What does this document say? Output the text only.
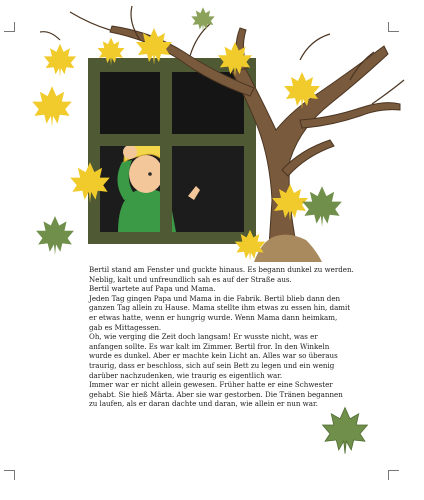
Bertil stand am Fenster und guckte hinaus. Es begann dunkel zu werden.

Neblig, kalt und unfreundlich sah es auf der Straße aus.

Bertil wartete auf Papa und Mama.

Jeden Tag gingen Papa und Mama in die Fabrik. Bertil blieb dann den

ganzen Tag allein zu Hause. Mama stellte ihm etwas zu essen hin, damit

er etwas hatte, wenn er hungrig wurde. Wenn Mama dann heimkam,

gab es Mittagessen.

Oh, wie verging die Zeit doch langsam! Er wusste nicht, was er

anfangen sollte. Es war kalt im Zimmer. Bertil fror. In den Winkeln

wurde es dunkel. Aber er machte kein Licht an. Alles war so überaus

traurig, dass er beschloss, sich auf sein Bett zu legen und ein wenig

darüber nachzudenken, wie traurig es eigentlich war.

Immer war er nicht allein gewesen. Früher hatte er eine Schwester

gehabt. Sie hieß Märta. Aber sie war gestorben. Die Tränen begannen

zu laufen, als er daran dachte und daran, wie allein er nun war.
